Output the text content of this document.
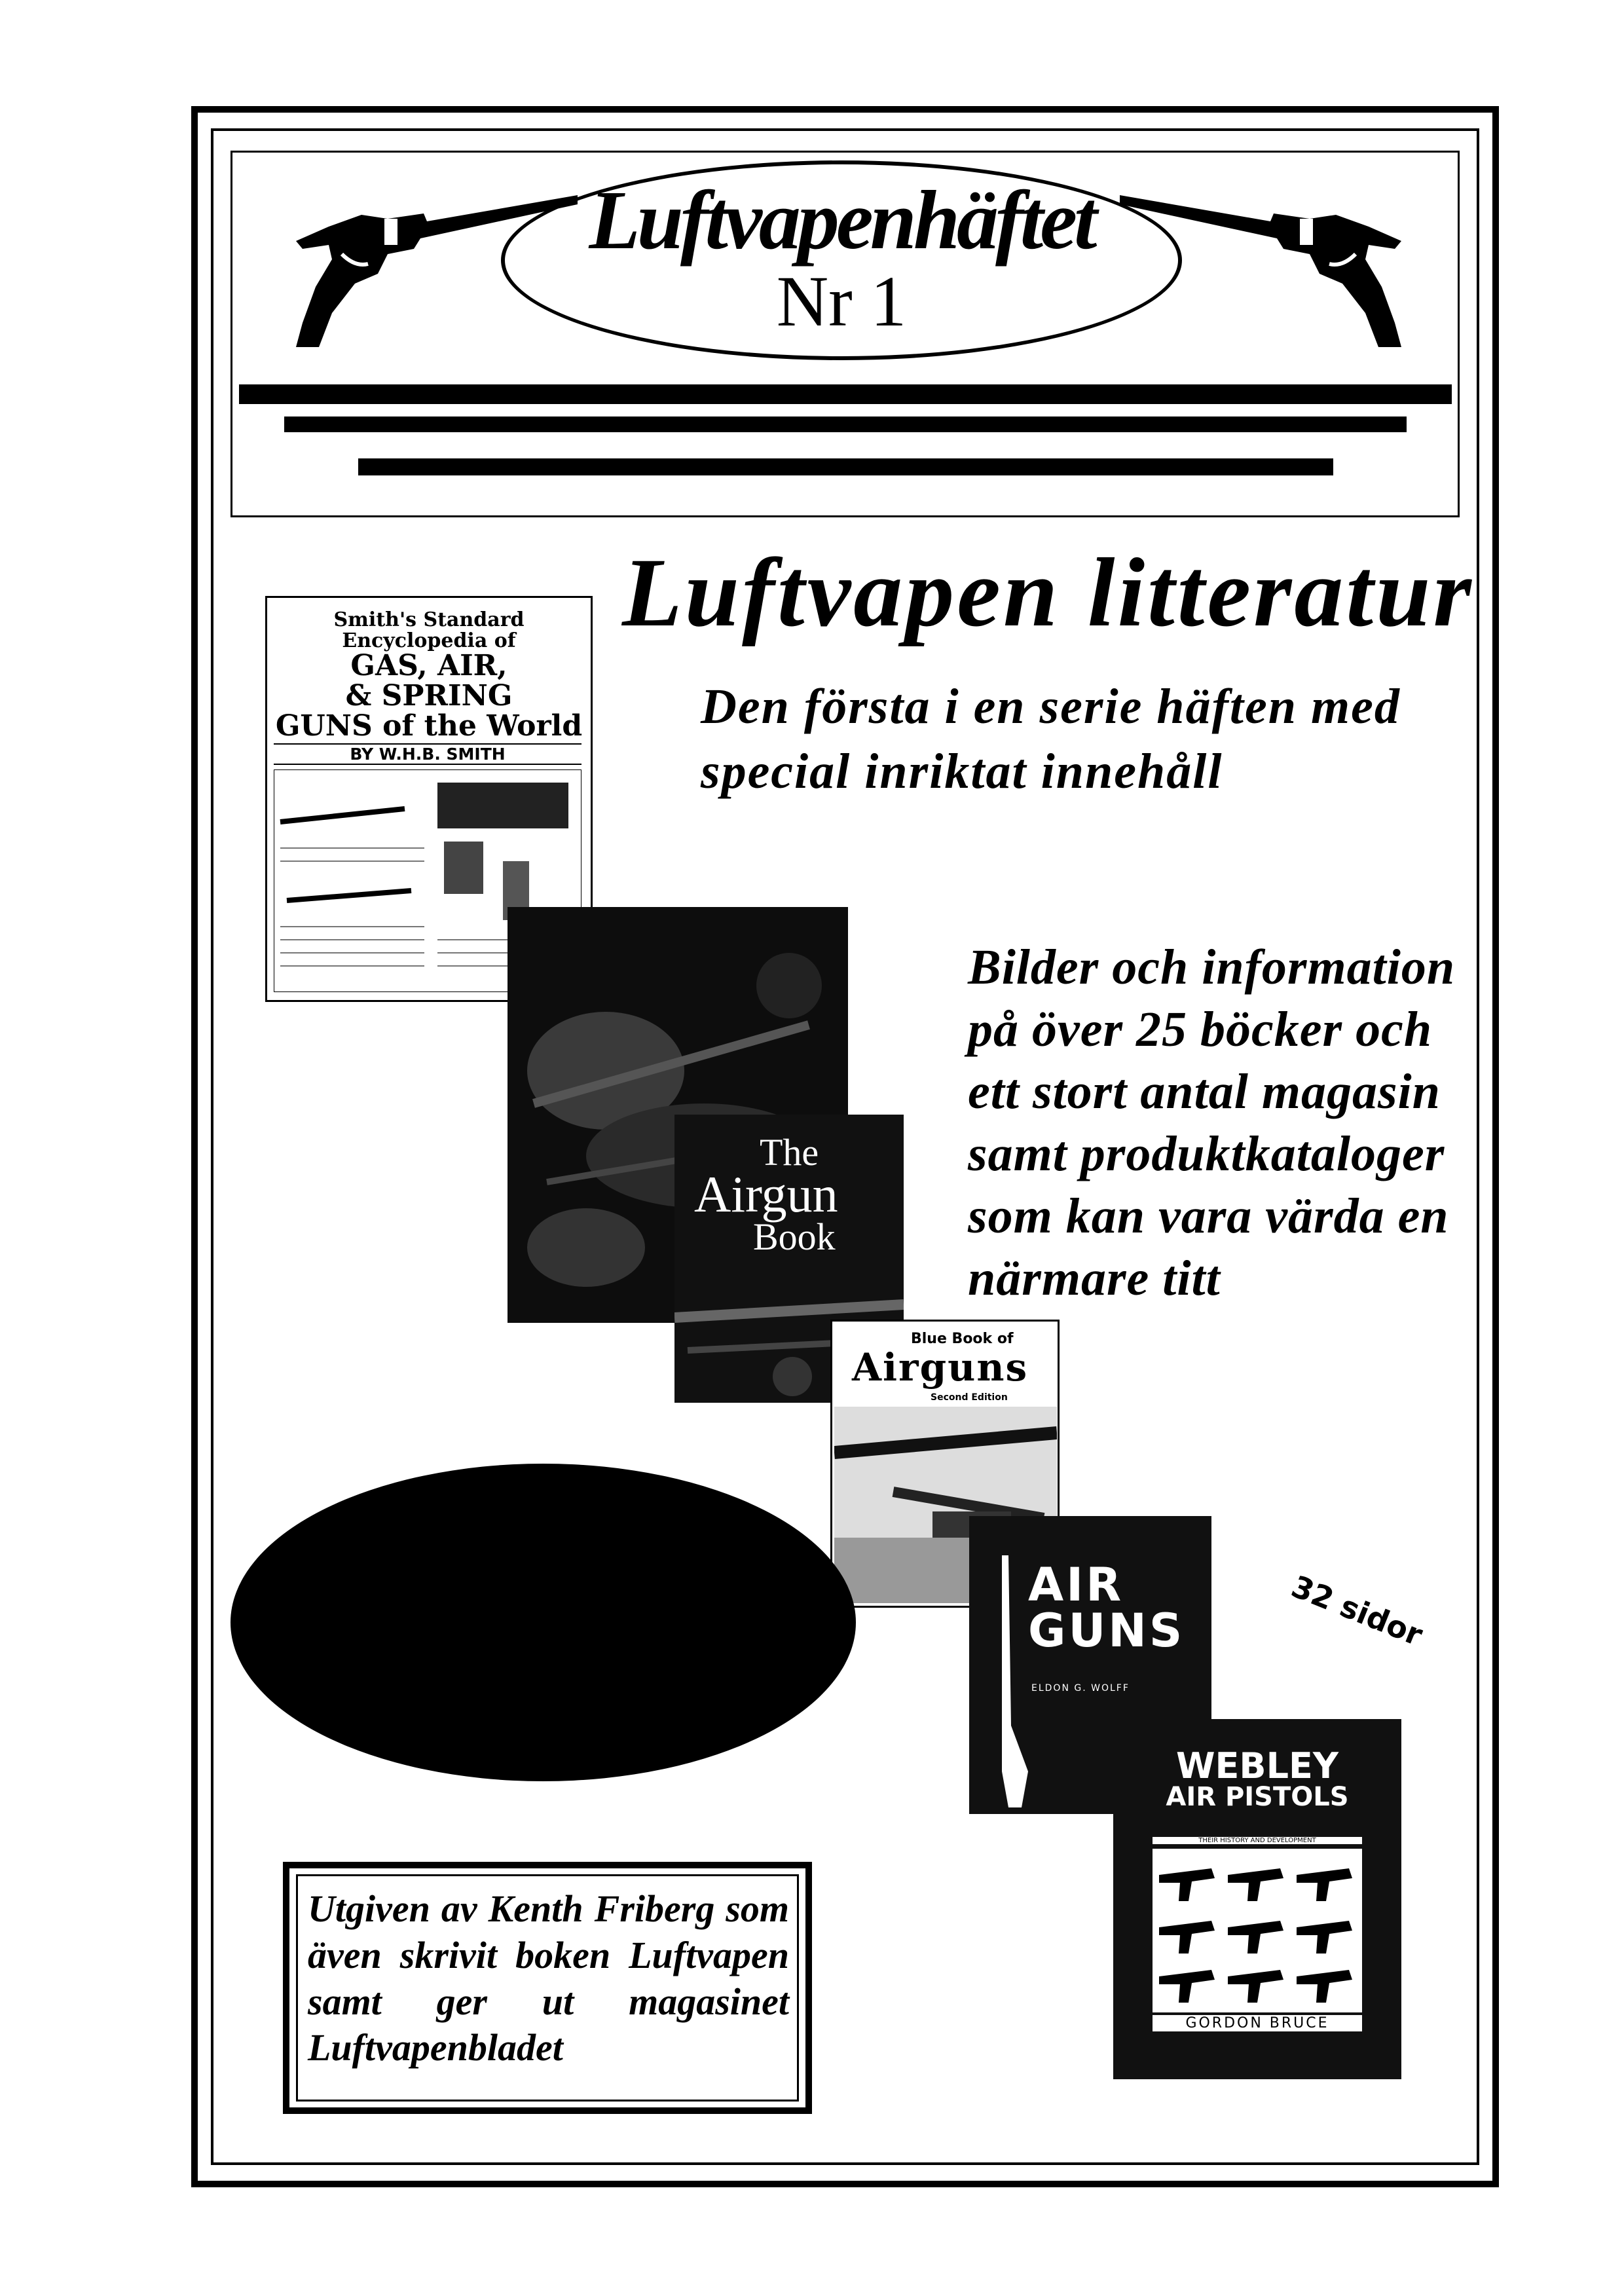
Luftvapenhäftet
Nr 1
Luftvapen litteratur
Den första i en serie häften med special inriktat innehåll
Smith's Standard
Encyclopedia of
GAS, AIR,
& SPRING
GUNS of the World
BY W.H.B. SMITH
The
Airgun
Book
Blue Book of
Airguns
Second Edition
AIR
GUNS
ELDON G. WOLFF
WEBLEY
AIR PISTOLS
THEIR HISTORY AND DEVELOPMENT
GORDON BRUCE
Bilder och information på över 25 böcker och ett stort antal magasin samt produktkataloger som kan vara värda en närmare titt
32 sidor
Utgiven av Kenth Friberg som även skrivit boken Luftvapen samt ger ut magasinet Luftvapenbladet
